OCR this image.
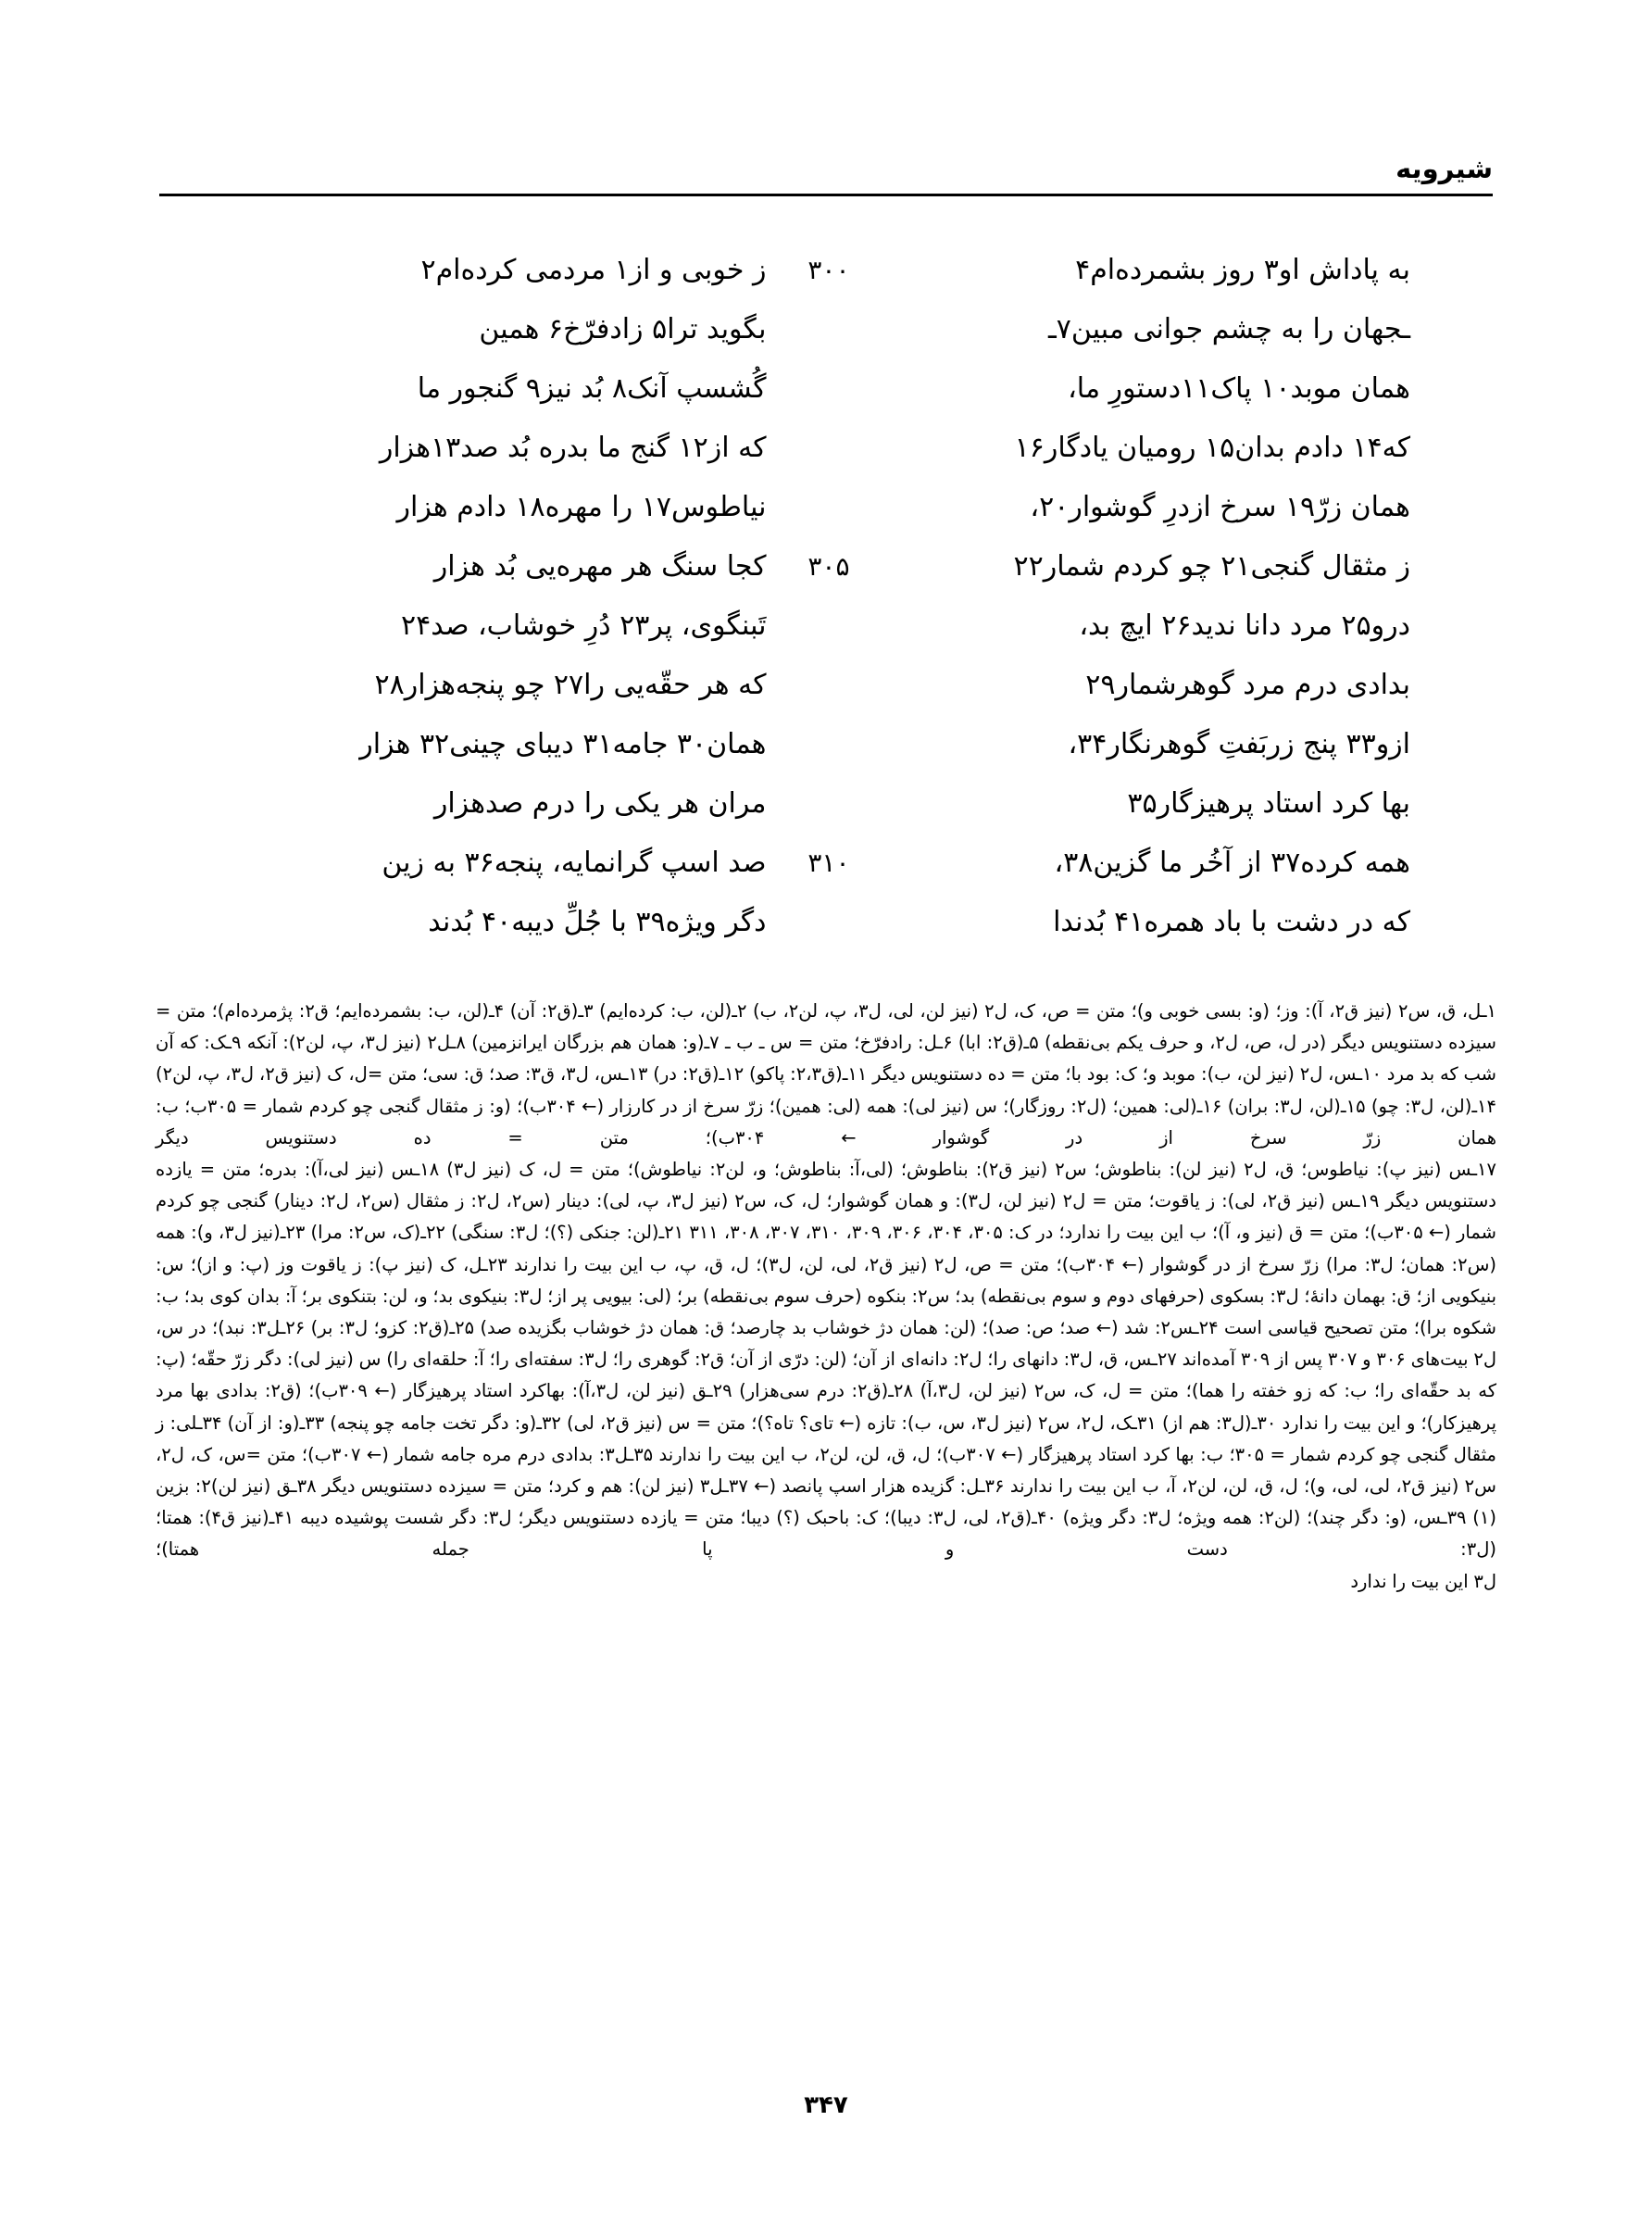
شیرویه
به پاداش او۳ روز بشمرده‌ام۴
۳۰۰
ز خوبی و از۱ مردمی کرده‌ام۲
ـجهان را به چشم جوانی مبین۷ـ
بگوید ترا۵ زادفرّخ۶ همین
همان موبد۱۰ پاک۱۱دستورِ ما،
گُشسپ آنک۸ بُد نیز۹ گنجور ما
که۱۴ دادم بدان۱۵ رومیان یادگار۱۶
که از۱۲ گنج ما بدره بُد صد۱۳هزار
همان زرّ۱۹ سرخ ازدرِ گوشوار۲۰،
نیاطوس۱۷ را مهره۱۸ دادم هزار
ز مثقال گنجی۲۱ چو کردم شمار۲۲
۳۰۵
کجا سنگ هر مهره‌یی بُد هزار
درو۲۵ مرد دانا ندید۲۶ ایچ بد،
تَبنگوی، پر۲۳ دُرِ خوشاب، صد۲۴
بدادی درم مرد گوهرشمار۲۹
که هر حقّه‌یی را۲۷ چو پنجه‌هزار۲۸
ازو۳۳ پنج زربَفتِ گوهرنگار۳۴،
همان۳۰ جامه۳۱ دیبای چینی۳۲ هزار
بها کرد استاد پرهیزگار۳۵
مران هر یکی را درم صدهزار
همه کرده۳۷ از آخُر ما گزین۳۸،
۳۱۰
صد اسپ گرانمایه، پنجه۳۶ به زین
که در دشت با باد همره۴۱ بُدندا
دگر ویژه۳۹ با جُلِّ دیبه۴۰ بُدند

۱ـل، ق، س۲ (نیز ق۲، آ): وز؛ (و: بسی خوبی و)؛ متن = ص، ک، ل۲ (نیز لن، لی، ل۳، پ، لن۲، ب) ۲ـ(لن، ب: کرده‌ایم) ۳ـ(ق۲: آن) ۴ـ(لن، ب: بشمرده‌ایم؛ ق۲: پژمرده‌ام)؛ متن = سیزده دستنویس دیگر (در ل، ص، ل۲، و حرف یکم بی‌نقطه) ۵ـ(ق۲: ابا) ۶ـل: رادفرّخ؛ متن = س ـ ب ـ ۷ـ(و: همان هم بزرگان ایرانزمین) ۸ـل۲ (نیز ل۳، پ، لن۲): آنکه ۹ـک: که آن شب که بد مرد ۱۰ـس، ل۲ (نیز لن، ب): موبد و؛ ک: بود با؛ متن = ده دستنویس دیگر ۱۱ـ(ق۲،۳: پاکو) ۱۲ـ(ق۲: در) ۱۳ـس، ل۳، ق۳: صد؛ ق: سی؛ متن =ل، ک (نیز ق۲، ل۳، پ، لن۲) ۱۴ـ(لن، ل۳: چو) ۱۵ـ(لن، ل۳: بران) ۱۶ـ(لی: همین؛ (ل۲: روزگار)؛ س (نیز لی): همه (لی: همین)؛ زرّ سرخ از در کارزار (← ۳۰۴ب)؛ (و: ز مثقال گنجی چو کردم شمار = ۳۰۵ب؛ ب: همان زرّ سرخ از در گوشوار ← ۳۰۴ب)؛ متن = ده دستنویس دیگر

۱۷ـس (نیز پ): نیاطوس؛ ق، ل۲ (نیز لن): بناطوش؛ س۲ (نیز ق۲): بناطوش؛ (لی،آ: بناطوش؛ و، لن۲: نیاطوش)؛ متن = ل، ک (نیز ل۳) ۱۸ـس (نیز لی،آ): بدره؛ متن = یازده دستنویس دیگر ۱۹ـس (نیز ق۲، لی): ز یاقوت؛ متن = ل۲ (نیز لن، ل۳): و همان گوشوار؛ ل، ک، س۲ (نیز ل۳، پ، لی): دینار (س۲، ل۲: ز مثقال (س۲، ل۲: دینار) گنجی چو کردم شمار (← ۳۰۵ب)؛ متن = ق (نیز و، آ)؛ ب این بیت را ندارد؛ در ک: ۳۰۵، ۳۰۴، ۳۰۶، ۳۰۹، ۳۱۰، ۳۰۷، ۳۰۸، ۳۱۱ ۲۱ـ(لن: جنکی (؟)؛ ل۳: سنگی) ۲۲ـ(ک، س۲: مرا) ۲۳ـ(نیز ل۳، و): همه (س۲: همان؛ ل۳: مرا) زرّ سرخ از در گوشوار (← ۳۰۴ب)؛ متن = ص، ل۲ (نیز ق۲، لی، لن، ل۳)؛ ل، ق، پ، ب این بیت را ندارند ۲۳ـل، ک (نیز پ): ز یاقوت وز (پ: و از)؛ س: بنیکویی از؛ ق: بهمان دانهٔ؛ ل۳: بسکوی (حرفهای دوم و سوم بی‌نقطه) بد؛ س۲: بنکوه (حرف سوم بی‌نقطه) بر؛ (لی: بیویی پر از؛ ل۳: بنیکوی بد؛ و، لن: بتنکوی بر؛ آ: بدان کوی بد؛ ب: شکوه برا)؛ متن تصحیح قیاسی است ۲۴ـس۲: شد (← صد؛ ص: صد)؛ (لن: همان دژ خوشاب بد چارصد؛ ق: همان دژ خوشاب بگزیده صد) ۲۵ـ(ق۲: کزو؛ ل۳: بر) ۲۶ـل۳: نبد)؛ در س، ل۲ بیت‌های ۳۰۶ و ۳۰۷ پس از ۳۰۹ آمده‌اند ۲۷ـس، ق، ل۳: دانهای را؛ ل۲: دانه‌ای از آن؛ (لن: درّی از آن؛ ق۲: گوهری را؛ ل۳: سفته‌ای را؛ آ: حلقه‌ای را) س (نیز لی): دگر زرّ حقّه؛ (پ: که بد حقّه‌ای را؛ ب: که زو خفته را هما)؛ متن = ل، ک، س۲ (نیز لن، ل۳،آ) ۲۸ـ(ق۲: درم سی‌هزار) ۲۹ـق (نیز لن، ل۳،آ): بهاکرد استاد پرهیزگار (← ۳۰۹ب)؛ (ق۲: بدادی بها مرد پرهیزکار)؛ و این بیت را ندارد ۳۰ـ(ل۳: هم از) ۳۱ـک، ل۲، س۲ (نیز ل۳، س، ب): تازه (← تای؟ تاه؟)؛ متن = س (نیز ق۲، لی) ۳۲ـ(و: دگر تخت جامه چو پنجه) ۳۳ـ(و: از آن) ۳۴ـلی: ز مثقال گنجی چو کردم شمار = ۳۰۵؛ ب: بها کرد استاد پرهیزگار (← ۳۰۷ب)؛ ل، ق، لن، لن۲، ب این بیت را ندارند ۳۵ـل۳: بدادی درم مره جامه شمار (← ۳۰۷ب)؛ متن =س، ک، ل۲، س۲ (نیز ق۲، لی، لی، و)؛ ل، ق، لن، لن۲، آ، ب این بیت را ندارند ۳۶ـل: گزیده هزار اسپ پانصد (← ۳۷ـل۳ (نیز لن): هم و کرد؛ متن = سیزده دستنویس دیگر ۳۸ـق (نیز لن)۲: بزین (۱) ۳۹ـس، (و: دگر چند)؛ (لن۲: همه ویژه؛ ل۳: دگر ویژه) ۴۰ـ(ق۲، لی، ل۳: دیبا)؛ ک: باحبک (؟) دیبا؛ متن = یازده دستنویس دیگر؛ ل۳: دگر شست پوشیده دیبه ۴۱ـ(نیز ق۴): همتا؛ (ل۳: دست و پا جمله همتا)؛

ل۳ این بیت را ندارد

۳۴۷
